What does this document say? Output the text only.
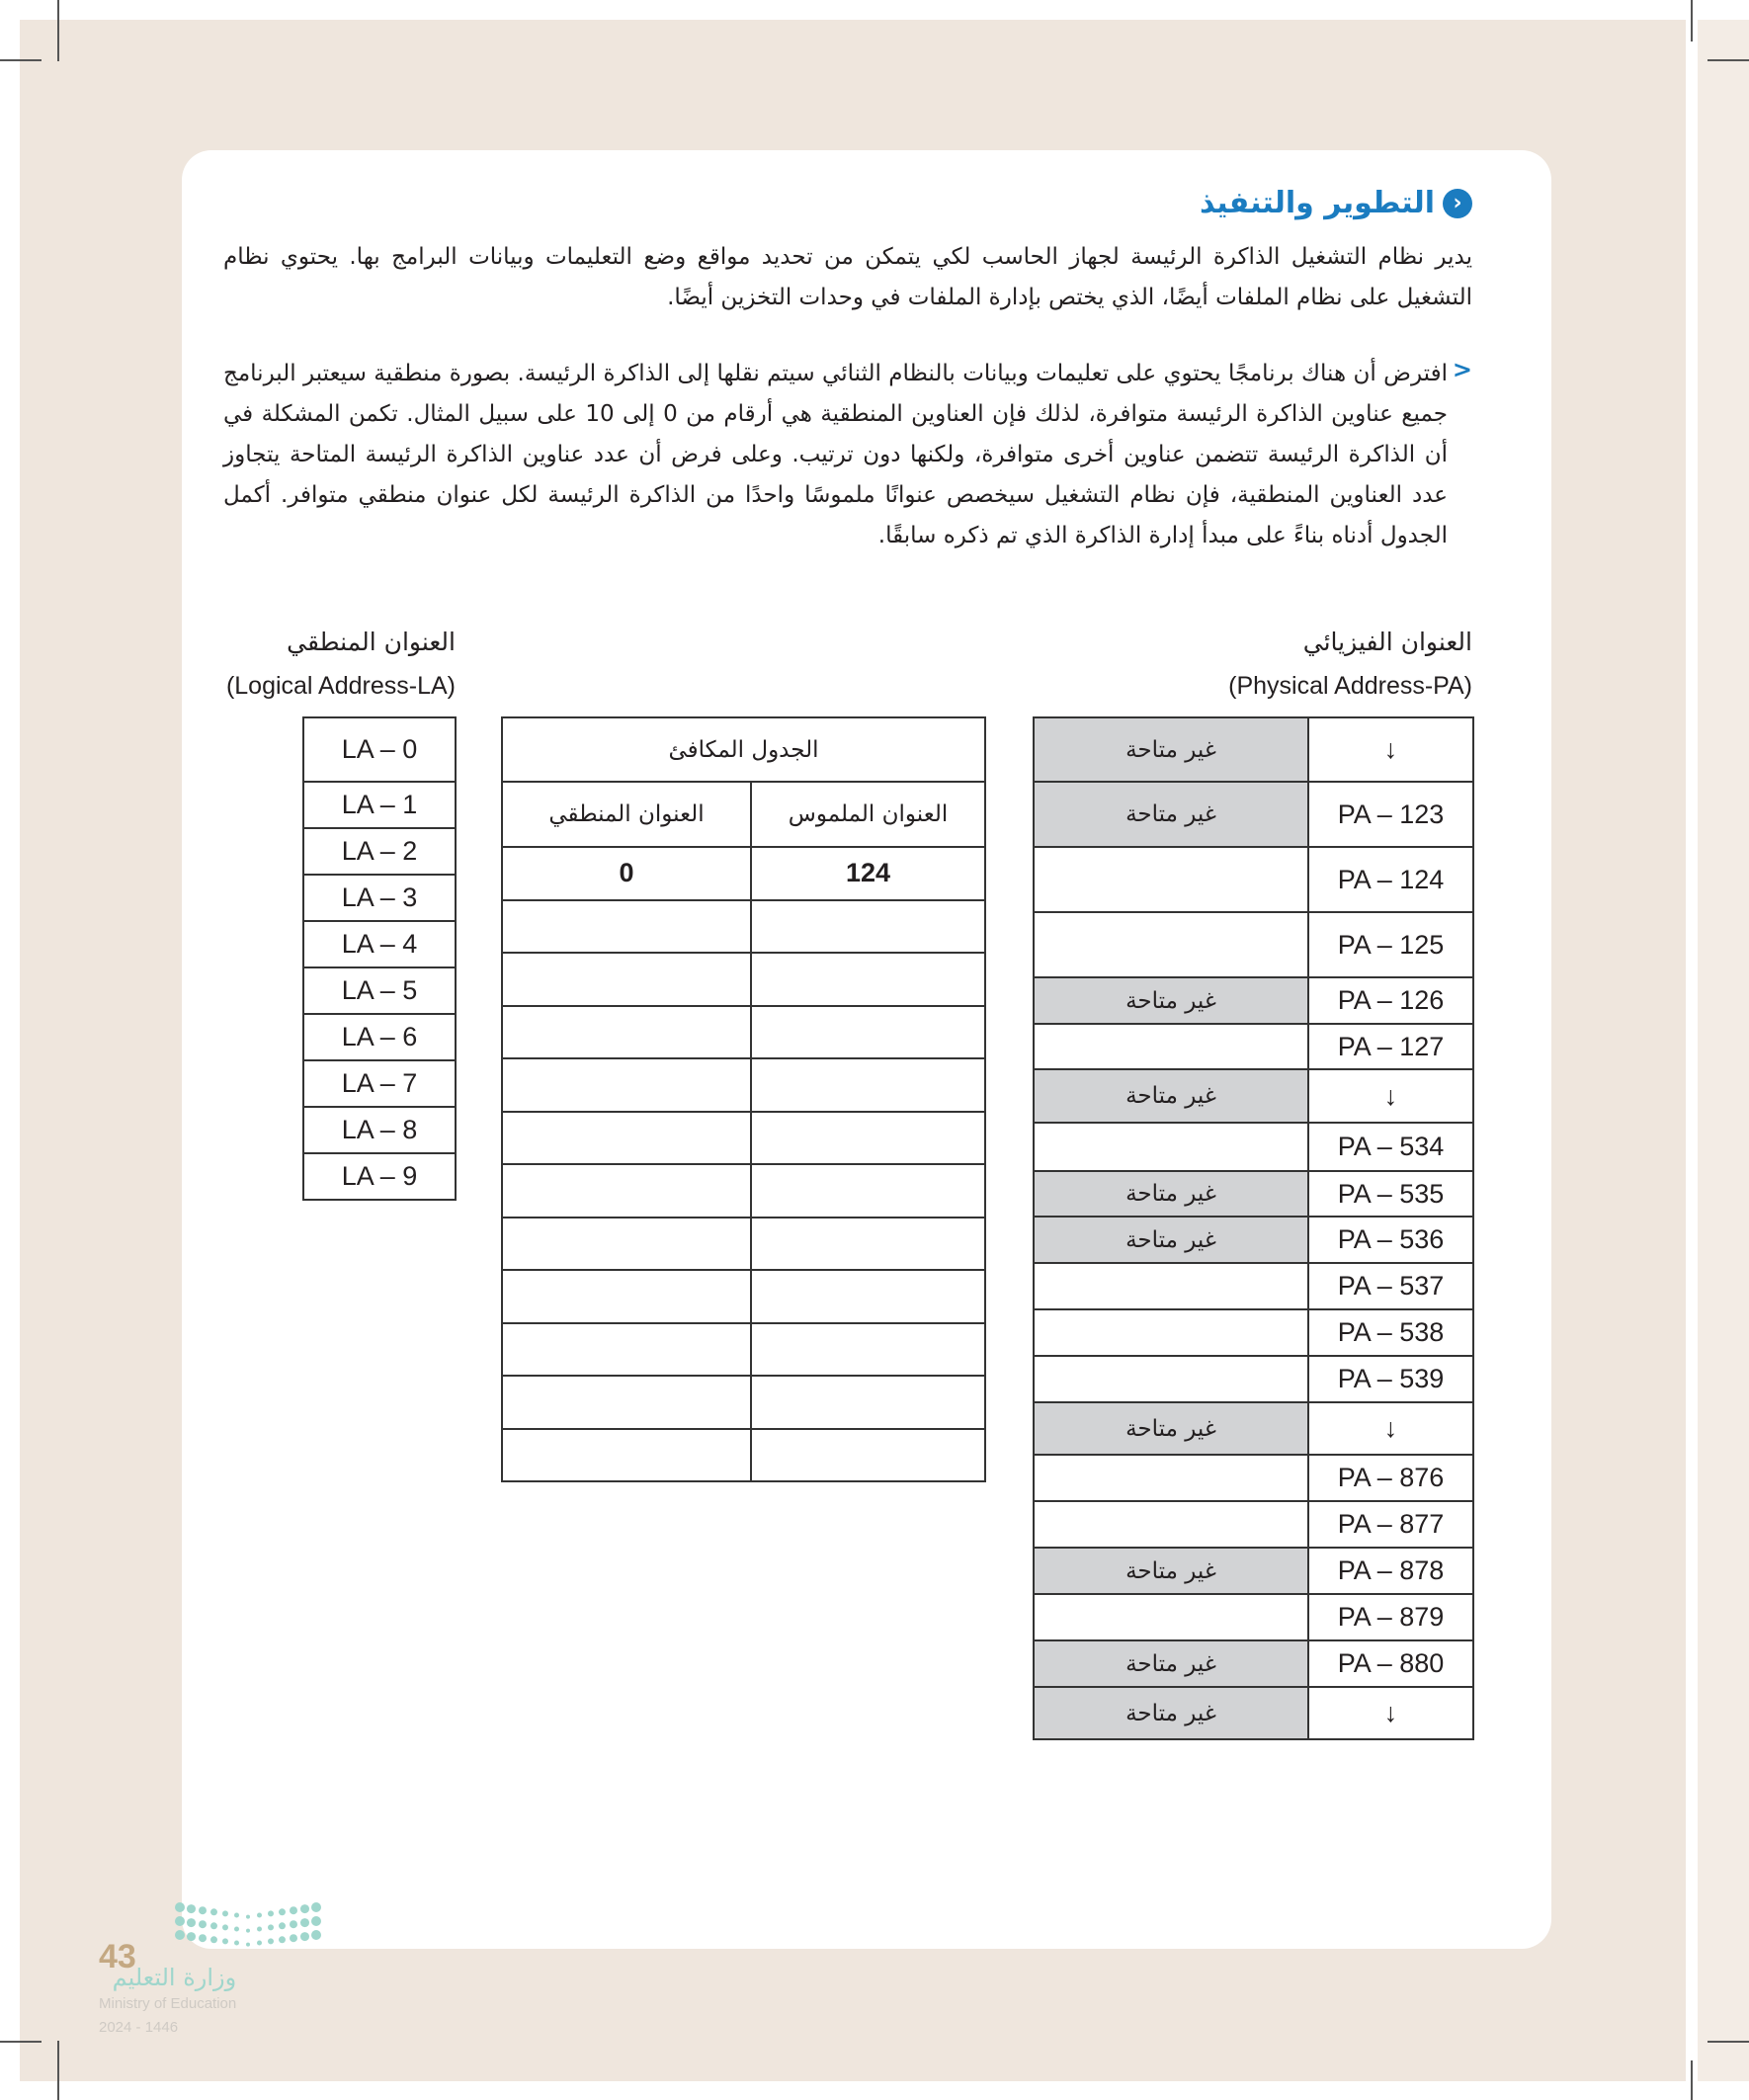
‹
التطوير والتنفيذ
يدير نظام التشغيل الذاكرة الرئيسة لجهاز الحاسب لكي يتمكن من تحديد مواقع وضع التعليمات وبيانات البرامج بها. يحتوي نظام التشغيل على نظام الملفات أيضًا، الذي يختص بإدارة الملفات في وحدات التخزين أيضًا.
>
افترض أن هناك برنامجًا يحتوي على تعليمات وبيانات بالنظام الثنائي سيتم نقلها إلى الذاكرة الرئيسة. بصورة منطقية سيعتبر البرنامج جميع عناوين الذاكرة الرئيسة متوافرة، لذلك فإن العناوين المنطقية هي أرقام من 0 إلى 10 على سبيل المثال. تكمن المشكلة في أن الذاكرة الرئيسة تتضمن عناوين أخرى متوافرة، ولكنها دون ترتيب. وعلى فرض أن عدد عناوين الذاكرة الرئيسة المتاحة يتجاوز عدد العناوين المنطقية، فإن نظام التشغيل سيخصص عنوانًا ملموسًا واحدًا من الذاكرة الرئيسة لكل عنوان منطقي متوافر. أكمل الجدول أدناه بناءً على مبدأ إدارة الذاكرة الذي تم ذكره سابقًا.
العنوان المنطقي
(Logical Address-LA)
العنوان الفيزيائي
(Physical Address-PA)
LA – 0
LA – 1
LA – 2
LA – 3
LA – 4
LA – 5
LA – 6
LA – 7
LA – 8
LA – 9
الجدول المكافئ	
العنوان المنطقي	العنوان الملموس
0	124

غير متاحة	↓
غير متاحة	PA – 123
	PA – 124
	PA – 125
غير متاحة	PA – 126
	PA – 127
غير متاحة	↓
	PA – 534
غير متاحة	PA – 535
غير متاحة	PA – 536
	PA – 537
	PA – 538
	PA – 539
غير متاحة	↓
	PA – 876
	PA – 877
غير متاحة	PA – 878
	PA – 879
غير متاحة	PA – 880
غير متاحة	↓
43
وزارة التعليم
Ministry of Education
2024 - 1446
